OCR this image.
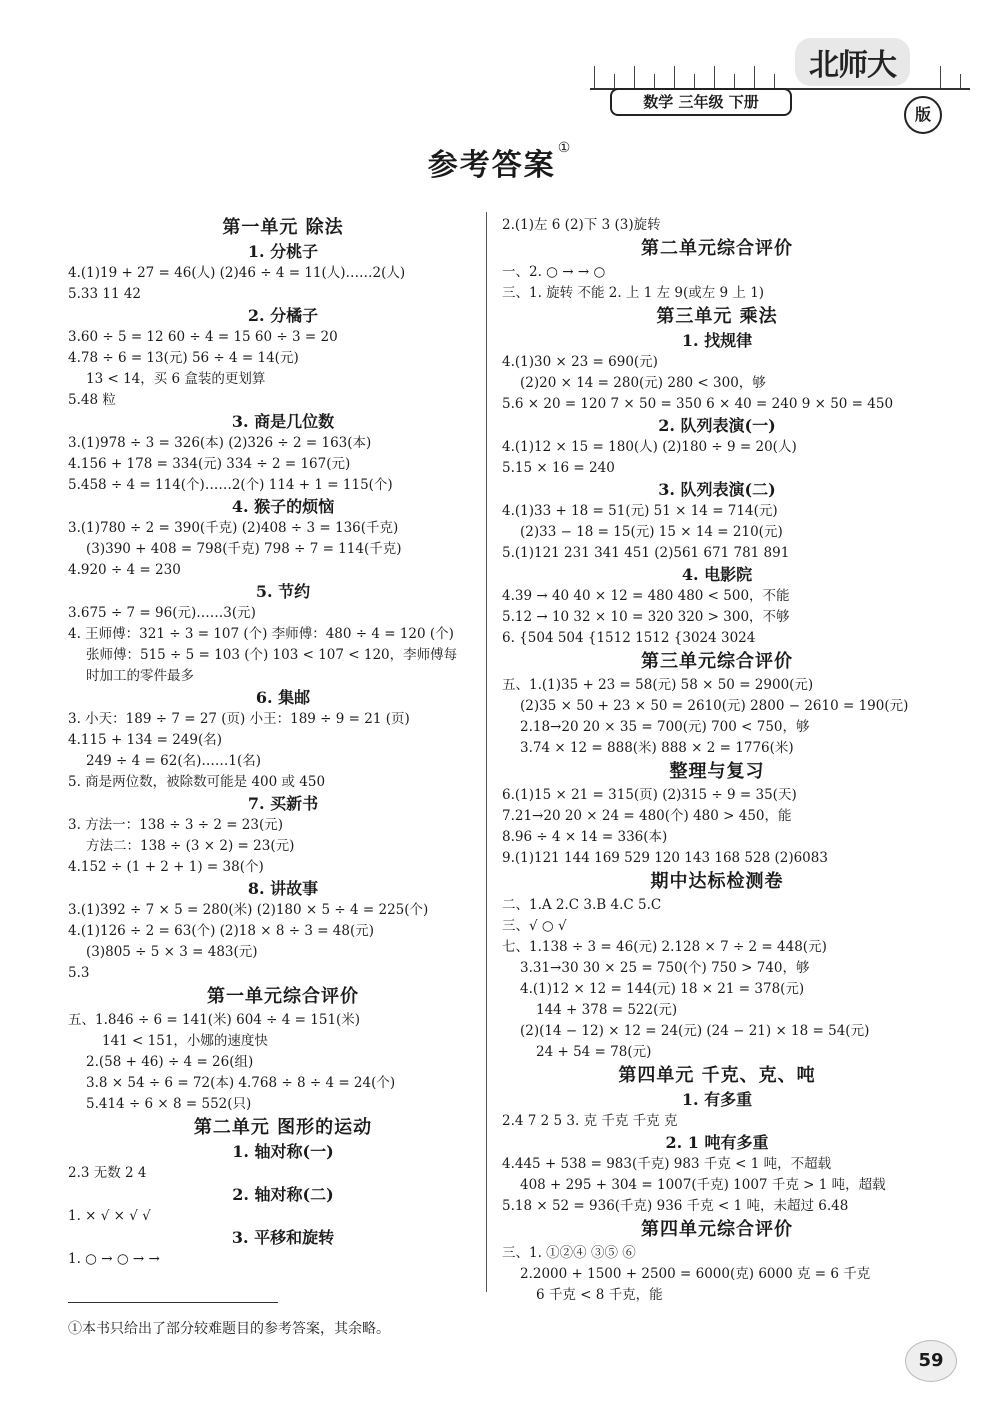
北师大
版
数学 三年级 下册
参考答案 ①
第一单元 除法
1. 分桃子
4.(1)19 + 27 = 46(人) (2)46 ÷ 4 = 11(人)……2(人)
5.33 11 42
2. 分橘子
3.60 ÷ 5 = 12 60 ÷ 4 = 15 60 ÷ 3 = 20
4.78 ÷ 6 = 13(元) 56 ÷ 4 = 14(元)
13 < 14，买 6 盒装的更划算
5.48 粒
3. 商是几位数
3.(1)978 ÷ 3 = 326(本) (2)326 ÷ 2 = 163(本)
4.156 + 178 = 334(元) 334 ÷ 2 = 167(元)
5.458 ÷ 4 = 114(个)……2(个) 114 + 1 = 115(个)
4. 猴子的烦恼
3.(1)780 ÷ 2 = 390(千克) (2)408 ÷ 3 = 136(千克)
(3)390 + 408 = 798(千克) 798 ÷ 7 = 114(千克)
4.920 ÷ 4 = 230
5. 节约
3.675 ÷ 7 = 96(元)……3(元)
4. 王师傅：321 ÷ 3 = 107 (个) 李师傅：480 ÷ 4 = 120 (个)
张师傅：515 ÷ 5 = 103 (个) 103 < 107 < 120，李师傅每
时加工的零件最多
6. 集邮
3. 小天：189 ÷ 7 = 27 (页) 小王：189 ÷ 9 = 21 (页)
4.115 + 134 = 249(名)
249 ÷ 4 = 62(名)……1(名)
5. 商是两位数，被除数可能是 400 或 450
7. 买新书
3. 方法一：138 ÷ 3 ÷ 2 = 23(元)
方法二：138 ÷ (3 × 2) = 23(元)
4.152 ÷ (1 + 2 + 1) = 38(个)
8. 讲故事
3.(1)392 ÷ 7 × 5 = 280(米) (2)180 × 5 ÷ 4 = 225(个)
4.(1)126 ÷ 2 = 63(个) (2)18 × 8 ÷ 3 = 48(元)
(3)805 ÷ 5 × 3 = 483(元)
5.3
第一单元综合评价
五、1.846 ÷ 6 = 141(米) 604 ÷ 4 = 151(米)
141 < 151，小娜的速度快
2.(58 + 46) ÷ 4 = 26(组)
3.8 × 54 ÷ 6 = 72(本) 4.768 ÷ 8 ÷ 4 = 24(个)
5.414 ÷ 6 × 8 = 552(只)
第二单元 图形的运动
1. 轴对称(一)
2.3 无数 2 4
2. 轴对称(二)
1. × √ × √ √
3. 平移和旋转
1. ○ → ○ → →
2.(1)左 6 (2)下 3 (3)旋转
第二单元综合评价
一、2. ○ → → ○
三、1. 旋转 不能 2. 上 1 左 9(或左 9 上 1)
第三单元 乘法
1. 找规律
4.(1)30 × 23 = 690(元)
(2)20 × 14 = 280(元) 280 < 300，够
5.6 × 20 = 120 7 × 50 = 350 6 × 40 = 240 9 × 50 = 450
2. 队列表演(一)
4.(1)12 × 15 = 180(人) (2)180 ÷ 9 = 20(人)
5.15 × 16 = 240
3. 队列表演(二)
4.(1)33 + 18 = 51(元) 51 × 14 = 714(元)
(2)33 − 18 = 15(元) 15 × 14 = 210(元)
5.(1)121 231 341 451 (2)561 671 781 891
4. 电影院
4.39 → 40 40 × 12 = 480 480 < 500，不能
5.12 → 10 32 × 10 = 320 320 > 300，不够
6. {504 504 {1512 1512 {3024 3024
第三单元综合评价
五、1.(1)35 + 23 = 58(元) 58 × 50 = 2900(元)
(2)35 × 50 + 23 × 50 = 2610(元) 2800 − 2610 = 190(元)
2.18→20 20 × 35 = 700(元) 700 < 750，够
3.74 × 12 = 888(米) 888 × 2 = 1776(米)
整理与复习
6.(1)15 × 21 = 315(页) (2)315 ÷ 9 = 35(天)
7.21→20 20 × 24 = 480(个) 480 > 450，能
8.96 ÷ 4 × 14 = 336(本)
9.(1)121 144 169 529 120 143 168 528 (2)6083
期中达标检测卷
二、1.A 2.C 3.B 4.C 5.C
三、√ ○ √
七、1.138 ÷ 3 = 46(元) 2.128 × 7 ÷ 2 = 448(元)
3.31→30 30 × 25 = 750(个) 750 > 740，够
4.(1)12 × 12 = 144(元) 18 × 21 = 378(元)
144 + 378 = 522(元)
(2)(14 − 12) × 12 = 24(元) (24 − 21) × 18 = 54(元)
24 + 54 = 78(元)
第四单元 千克、克、吨
1. 有多重
2.4 7 2 5 3. 克 千克 千克 克
2. 1 吨有多重
4.445 + 538 = 983(千克) 983 千克 < 1 吨，不超载
408 + 295 + 304 = 1007(千克) 1007 千克 > 1 吨，超载
5.18 × 52 = 936(千克) 936 千克 < 1 吨，未超过 6.48
第四单元综合评价
三、1. ①②④ ③⑤ ⑥
2.2000 + 1500 + 2500 = 6000(克) 6000 克 = 6 千克
6 千克 < 8 千克，能
①本书只给出了部分较难题目的参考答案，其余略。
59
